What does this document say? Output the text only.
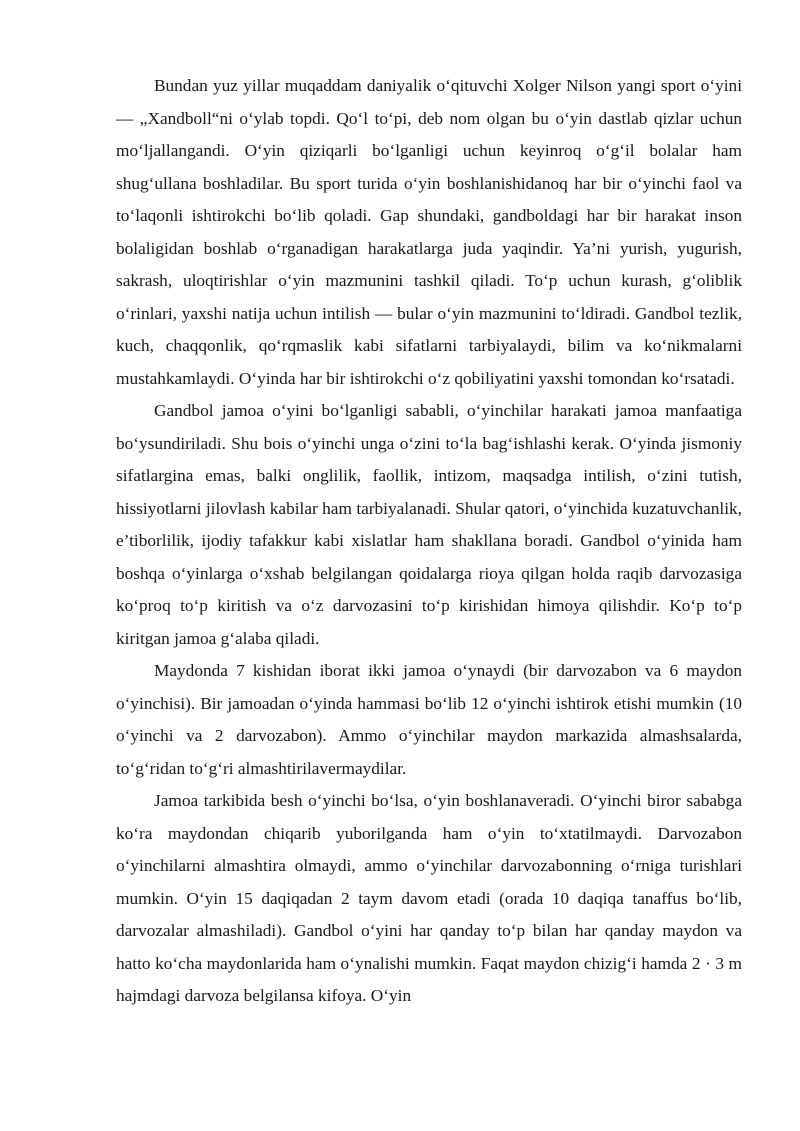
Bundan yuz yillar muqaddam daniyalik o‘qituvchi Xolger Nilson yangi sport o‘yini — „Xandboll“ni o‘ylab topdi. Qo‘l to‘pi, deb nom olgan bu o‘yin dastlab qizlar uchun mo‘ljallangandi. O‘yin qiziqarli bo‘lganligi uchun keyinroq o‘g‘il bolalar ham shug‘ullana boshladilar. Bu sport turida o‘yin boshlanishidanoq har bir o‘yinchi faol va to‘laqonli ishtirokchi bo‘lib qoladi. Gap shundaki, gandboldagi har bir harakat inson bolaligidan boshlab o‘rganadigan harakatlarga juda yaqindir. Ya’ni yurish, yugurish, sakrash, uloqtirishlar o‘yin mazmunini tashkil qiladi. To‘p uchun kurash, g‘oliblik o‘rinlari, yaxshi natija uchun intilish — bular o‘yin mazmunini to‘ldiradi. Gandbol tezlik, kuch, chaqqonlik, qo‘rqmaslik kabi sifatlarni tarbiyalaydi, bilim va ko‘nikmalarni mustahkamlaydi. O‘yinda har bir ishtirokchi o‘z qobiliyatini yaxshi tomondan ko‘rsatadi.

Gandbol jamoa o‘yini bo‘lganligi sababli, o‘yinchilar harakati jamoa manfaatiga bo‘ysundiriladi. Shu bois o‘yinchi unga o‘zini to‘la bag‘ishlashi kerak. O‘yinda jismoniy sifatlargina emas, balki onglilik, faollik, intizom, maqsadga intilish, o‘zini tutish, hissiyotlarni jilovlash kabilar ham tarbiyalanadi. Shular qatori, o‘yinchida kuzatuvchanlik, e’tiborlilik, ijodiy tafakkur kabi xislatlar ham shakllana boradi. Gandbol o‘yinida ham boshqa o‘yinlarga o‘xshab belgilangan qoidalarga rioya qilgan holda raqib darvozasiga ko‘proq to‘p kiritish va o‘z darvozasini to‘p kirishidan himoya qilishdir. Ko‘p to‘p kiritgan jamoa g‘alaba qiladi.

Maydonda 7 kishidan iborat ikki jamoa o‘ynaydi (bir darvozabon va 6 maydon o‘yinchisi). Bir jamoadan o‘yinda hammasi bo‘lib 12 o‘yinchi ishtirok etishi mumkin (10 o‘yinchi va 2 darvozabon). Ammo o‘yinchilar maydon markazida almashsalarda, to‘g‘ridan to‘g‘ri almashtirilavermaydilar.

Jamoa tarkibida besh o‘yinchi bo‘lsa, o‘yin boshlanaveradi. O‘yinchi biror sababga ko‘ra maydondan chiqarib yuborilganda ham o‘yin to‘xtatilmaydi. Darvozabon o‘yinchilarni almashtira olmaydi, ammo o‘yinchilar darvozabonning o‘rniga turishlari mumkin. O‘yin 15 daqiqadan 2 taym davom etadi (orada 10 daqiqa tanaffus bo‘lib, darvozalar almashiladi). Gandbol o‘yini har qanday to‘p bilan har qanday maydon va hatto ko‘cha maydonlarida ham o‘ynalishi mumkin. Faqat maydon chizig‘i hamda 2 · 3 m hajmdagi darvoza belgilansa kifoya. O‘yin
